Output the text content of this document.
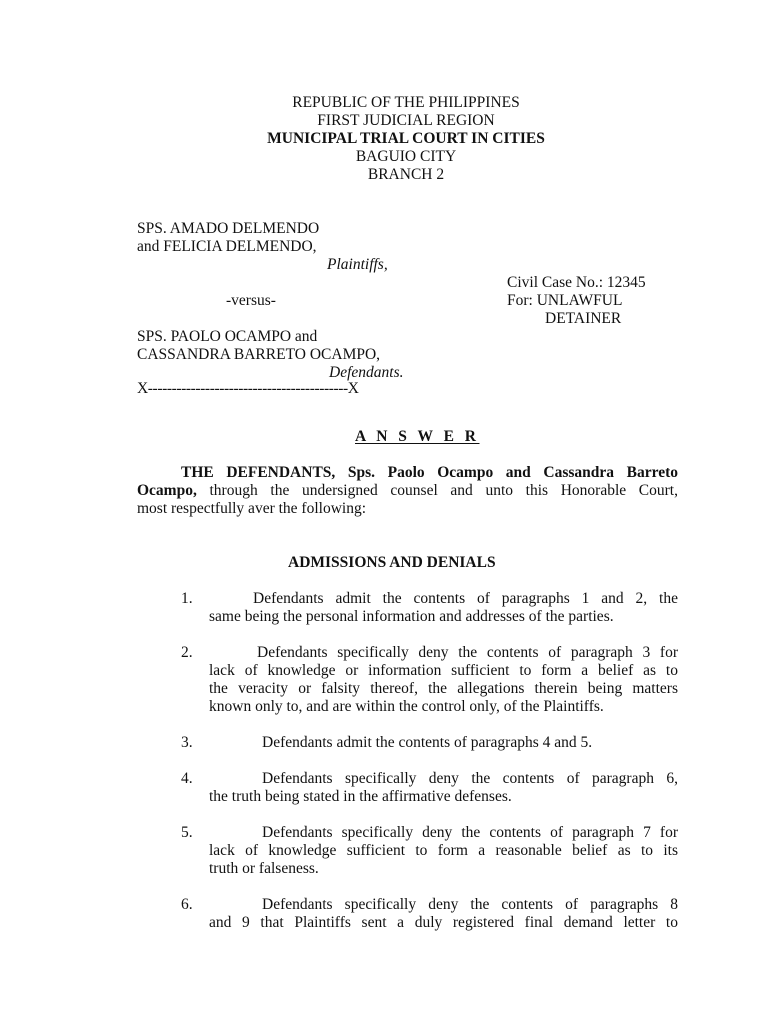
REPUBLIC OF THE PHILIPPINES
FIRST JUDICIAL REGION
MUNICIPAL TRIAL COURT IN CITIES
BAGUIO CITY
BRANCH 2
SPS. AMADO DELMENDO
and FELICIA DELMENDO,
Plaintiffs,
Civil Case No.: 12345
-versus-	For: UNLAWFUL
DETAINER
SPS. PAOLO OCAMPO and
CASSANDRA BARRETO OCAMPO,
Defendants.
X------------------------------------------X
A N S W E R
THE DEFENDANTS, Sps. Paolo Ocampo and Cassandra Barreto
Ocampo, through the undersigned counsel and unto this Honorable Court,
most respectfully aver the following:
ADMISSIONS AND DENIALS
1.	Defendants admit the contents of paragraphs 1 and 2, the
same being the personal information and addresses of the parties.
2.	Defendants specifically deny the contents of paragraph 3 for
lack of knowledge or information sufficient to form a belief as to
the veracity or falsity thereof, the allegations therein being matters
known only to, and are within the control only, of the Plaintiffs.
3.	Defendants admit the contents of paragraphs 4 and 5.
4.	Defendants specifically deny the contents of paragraph 6,
the truth being stated in the affirmative defenses.
5.	Defendants specifically deny the contents of paragraph 7 for
lack of knowledge sufficient to form a reasonable belief as to its
truth or falseness.
6.	Defendants specifically deny the contents of paragraphs 8
and 9 that Plaintiffs sent a duly registered final demand letter to
